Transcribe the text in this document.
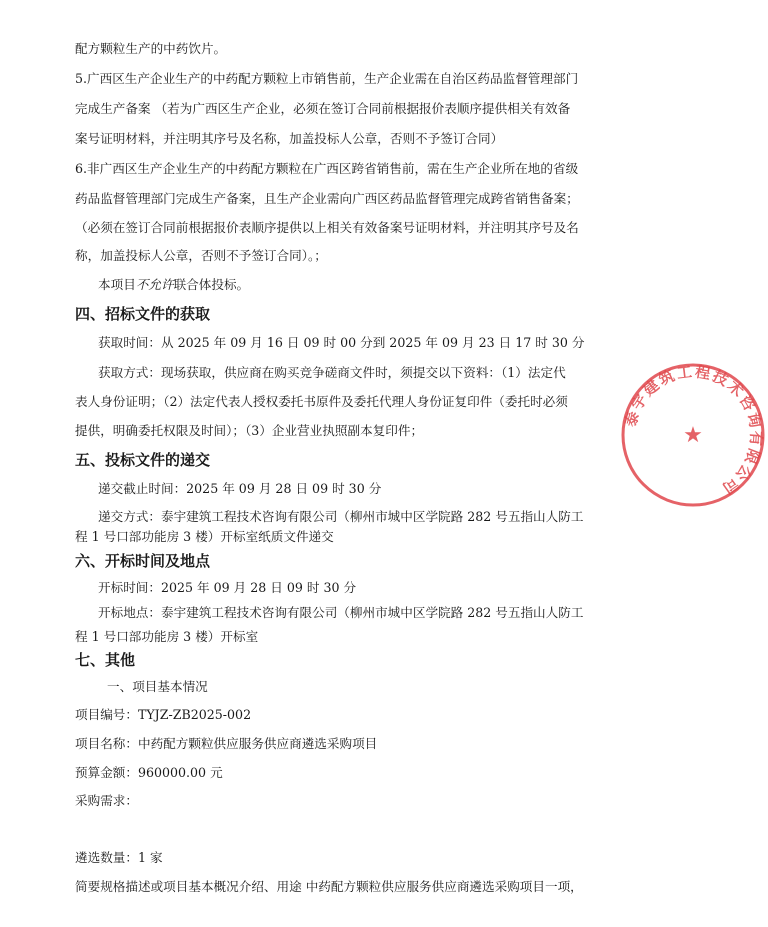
配方颗粒生产的中药饮片。
5.广西区生产企业生产的中药配方颗粒上市销售前，生产企业需在自治区药品监督管理部门
完成生产备案 （若为广西区生产企业，必须在签订合同前根据报价表顺序提供相关有效备
案号证明材料，并注明其序号及名称，加盖投标人公章，否则不予签订合同）
6.非广西区生产企业生产的中药配方颗粒在广西区跨省销售前，需在生产企业所在地的省级
药品监督管理部门完成生产备案，且生产企业需向广西区药品监督管理完成跨省销售备案；
（必须在签订合同前根据报价表顺序提供以上相关有效备案号证明材料，并注明其序号及名
称，加盖投标人公章，否则不予签订合同）。；
本项目不允许联合体投标。
四、招标文件的获取
获取时间：从 2025 年 09 月 16 日 09 时 00 分到 2025 年 09 月 23 日 17 时 30 分
获取方式：现场获取，供应商在购买竞争磋商文件时，须提交以下资料：（1）法定代
表人身份证明；（2）法定代表人授权委托书原件及委托代理人身份证复印件（委托时必须
提供，明确委托权限及时间）；（3）企业营业执照副本复印件；
五、投标文件的递交
递交截止时间：2025 年 09 月 28 日 09 时 30 分
递交方式：泰宇建筑工程技术咨询有限公司（柳州市城中区学院路 282 号五指山人防工
程 1 号口部功能房 3 楼）开标室纸质文件递交
六、开标时间及地点
开标时间：2025 年 09 月 28 日 09 时 30 分
开标地点：泰宇建筑工程技术咨询有限公司（柳州市城中区学院路 282 号五指山人防工
程 1 号口部功能房 3 楼）开标室
七、其他
一、项目基本情况
项目编号：TYJZ-ZB2025-002
项目名称：中药配方颗粒供应服务供应商遴选采购项目
预算金额：960000.00 元
采购需求：
遴选数量：1 家
简要规格描述或项目基本概况介绍、用途 中药配方颗粒供应服务供应商遴选采购项目一项，
泰宇建筑工程技术咨询有限公司
★
